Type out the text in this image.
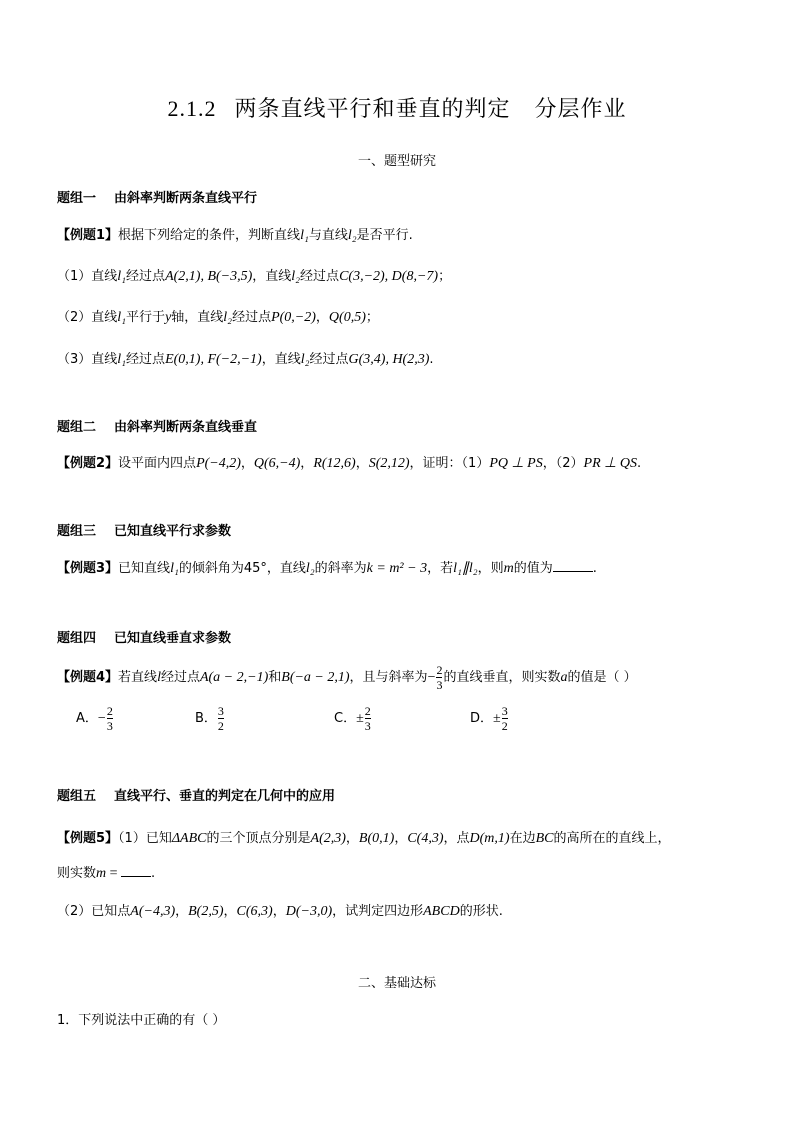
2.1.2 两条直线平行和垂直的判定 分层作业
一、题型研究
题组一 由斜率判断两条直线平行
【例题1】根据下列给定的条件，判断直线l₁与直线l₂是否平行.
（1）直线l₁经过点A(2,1), B(−3,5)，直线l₂经过点C(3,−2), D(8,−7)；
（2）直线l₁平行于y轴，直线l₂经过点P(0,−2)，Q(0,5)；
（3）直线l₁经过点E(0,1), F(−2,−1)，直线l₂经过点G(3,4), H(2,3).
题组二 由斜率判断两条直线垂直
【例题2】设平面内四点P(−4,2)，Q(6,−4)，R(12,6)，S(2,12)，证明：（1）PQ ⊥ PS，（2）PR ⊥ QS.
题组三 已知直线平行求参数
【例题3】已知直线l₁的倾斜角为45°，直线l₂的斜率为k = m² − 3，若l₁∥l₂，则m的值为	.
题组四 已知直线垂直求参数
【例题4】若直线l经过点A(a − 2,−1)和B(−a − 2,1)，且与斜率为− $\frac{2}{3}$ 的直线垂直，则实数a的值是（ ）
A．− $\frac{2}{3}$	B． $\frac{3}{2}$	C．± $\frac{2}{3}$	D．± $\frac{3}{2}$
题组五 直线平行、垂直的判定在几何中的应用
【例题5】（1）已知ΔABC的三个顶点分别是A(2,3)，B(0,1)，C(4,3)，点D(m,1)在边BC的高所在的直线上，
则实数m = .
（2）已知点A(−4,3)，B(2,5)，C(6,3)，D(−3,0)，试判定四边形ABCD的形状.
二、基础达标
1．下列说法中正确的有（ ）
